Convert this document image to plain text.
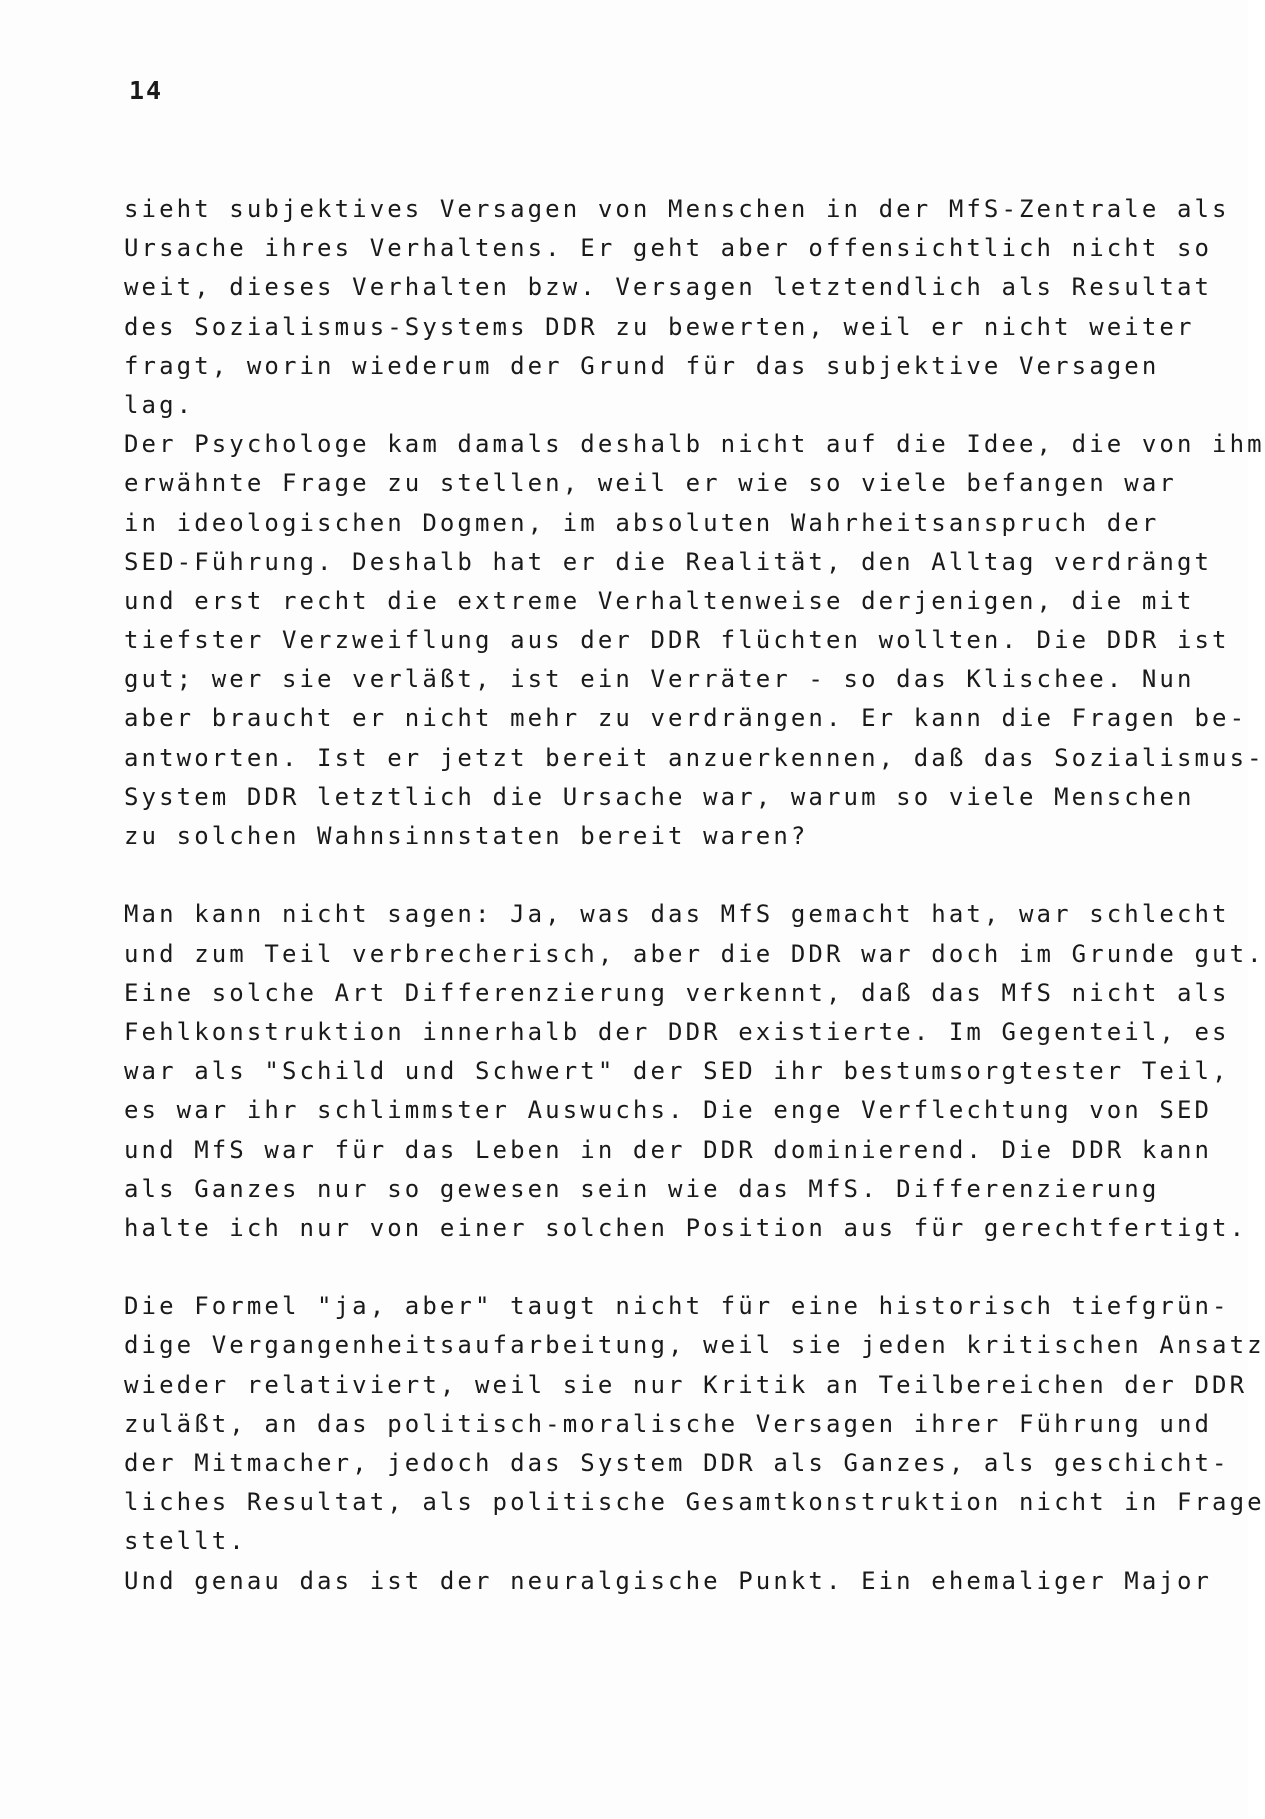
14
sieht subjektives Versagen von Menschen in der MfS-Zentrale als
Ursache ihres Verhaltens. Er geht aber offensichtlich nicht so
weit, dieses Verhalten bzw. Versagen letztendlich als Resultat
des Sozialismus-Systems DDR zu bewerten, weil er nicht weiter
fragt, worin wiederum der Grund für das subjektive Versagen
lag.
Der Psychologe kam damals deshalb nicht auf die Idee, die von ihm
erwähnte Frage zu stellen, weil er wie so viele befangen war
in ideologischen Dogmen, im absoluten Wahrheitsanspruch der
SED-Führung. Deshalb hat er die Realität, den Alltag verdrängt
und erst recht die extreme Verhaltenweise derjenigen, die mit
tiefster Verzweiflung aus der DDR flüchten wollten. Die DDR ist
gut; wer sie verläßt, ist ein Verräter - so das Klischee. Nun
aber braucht er nicht mehr zu verdrängen. Er kann die Fragen be-
antworten. Ist er jetzt bereit anzuerkennen, daß das Sozialismus-
System DDR letztlich die Ursache war, warum so viele Menschen
zu solchen Wahnsinnstaten bereit waren?
Man kann nicht sagen: Ja, was das MfS gemacht hat, war schlecht
und zum Teil verbrecherisch, aber die DDR war doch im Grunde gut.
Eine solche Art Differenzierung verkennt, daß das MfS nicht als
Fehlkonstruktion innerhalb der DDR existierte. Im Gegenteil, es
war als "Schild und Schwert" der SED ihr bestumsorgtester Teil,
es war ihr schlimmster Auswuchs. Die enge Verflechtung von SED
und MfS war für das Leben in der DDR dominierend. Die DDR kann
als Ganzes nur so gewesen sein wie das MfS. Differenzierung
halte ich nur von einer solchen Position aus für gerechtfertigt.
Die Formel "ja, aber" taugt nicht für eine historisch tiefgrün-
dige Vergangenheitsaufarbeitung, weil sie jeden kritischen Ansatz
wieder relativiert, weil sie nur Kritik an Teilbereichen der DDR
zuläßt, an das politisch-moralische Versagen ihrer Führung und
der Mitmacher, jedoch das System DDR als Ganzes, als geschicht-
liches Resultat, als politische Gesamtkonstruktion nicht in Frage
stellt.
Und genau das ist der neuralgische Punkt. Ein ehemaliger Major
